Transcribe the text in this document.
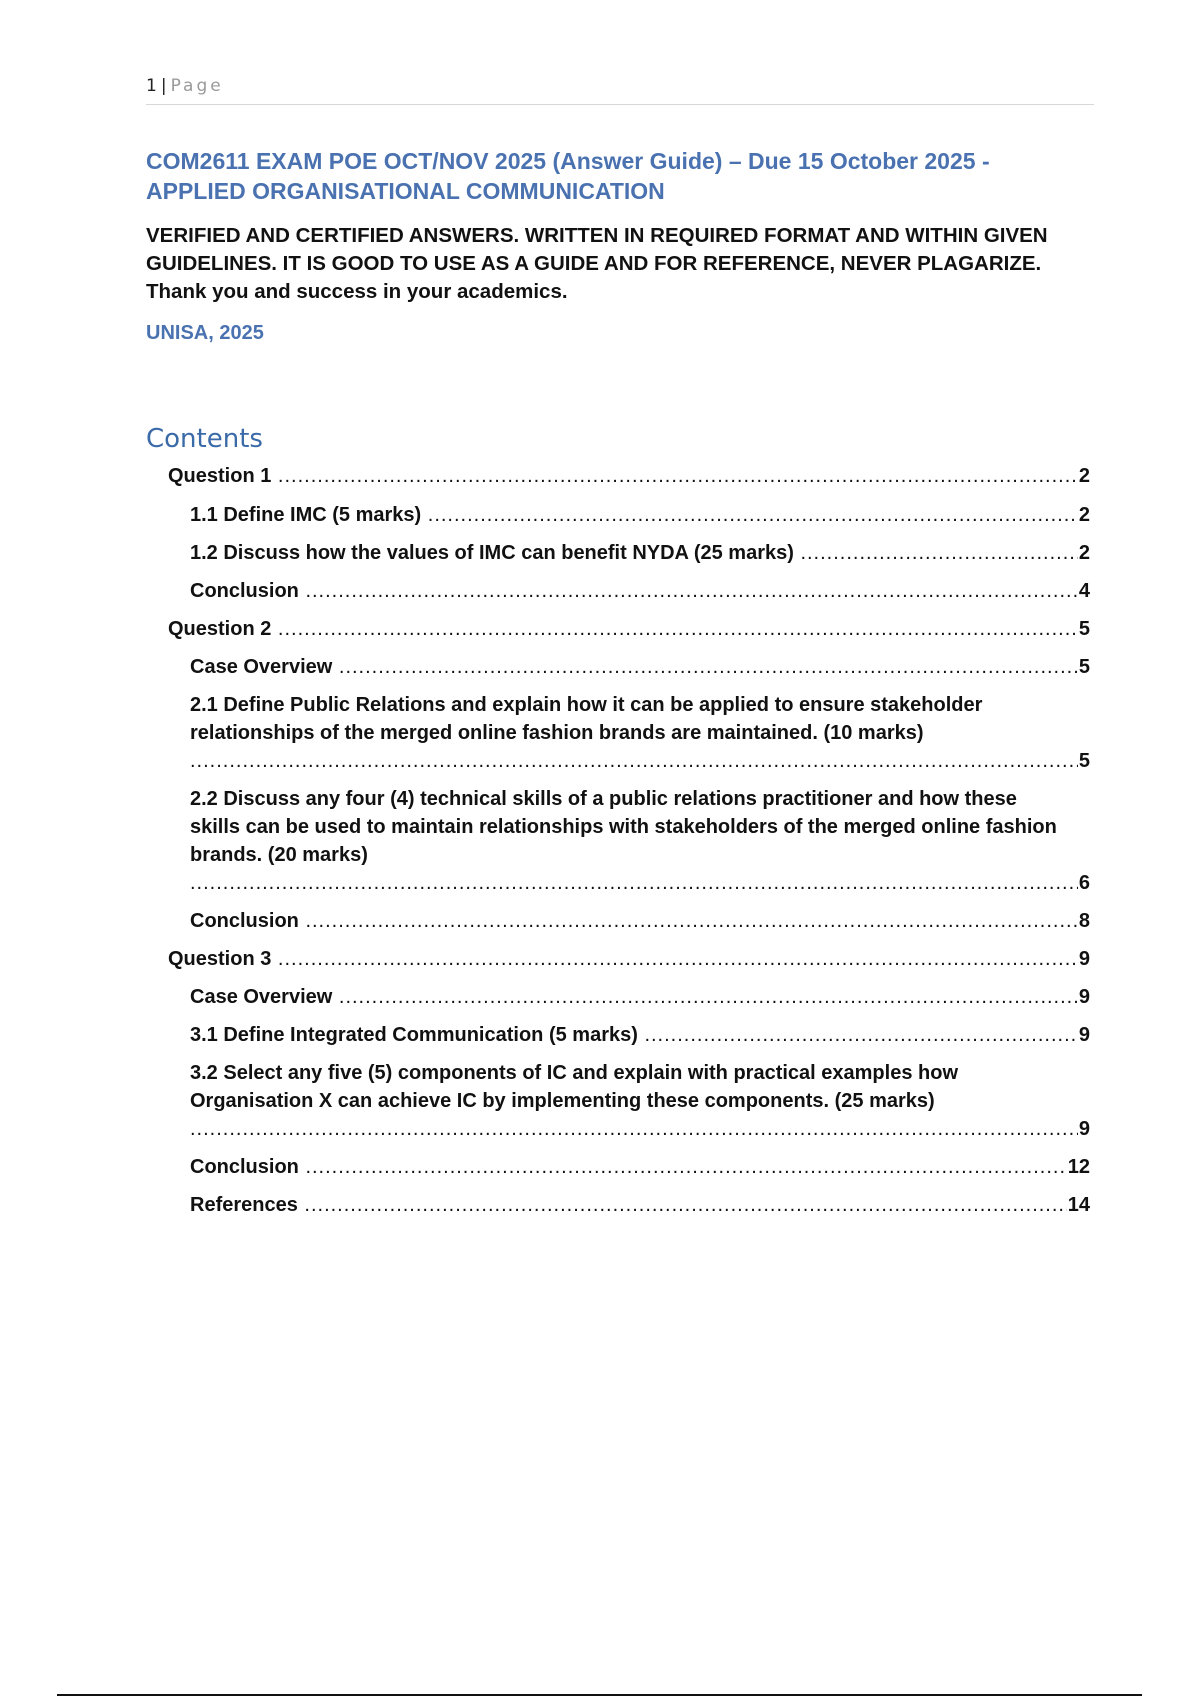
1 | Page
COM2611 EXAM POE OCT/NOV 2025 (Answer Guide) – Due 15 October 2025 - APPLIED ORGANISATIONAL COMMUNICATION

VERIFIED AND CERTIFIED ANSWERS. WRITTEN IN REQUIRED FORMAT AND WITHIN GIVEN GUIDELINES. IT IS GOOD TO USE AS A GUIDE AND FOR REFERENCE, NEVER PLAGARIZE. Thank you and success in your academics.

UNISA, 2025

Contents
Question 1 .....	2
1.1 Define IMC (5 marks) .....	2
1.2 Discuss how the values of IMC can benefit NYDA (25 marks) .....	2
Conclusion .....	4
Question 2 .....	5
Case Overview .....	5
2.1 Define Public Relations and explain how it can be applied to ensure stakeholder relationships of the merged online fashion brands are maintained. (10 marks) .....
5
2.2 Discuss any four (4) technical skills of a public relations practitioner and how these skills can be used to maintain relationships with stakeholders of the merged online fashion brands. (20 marks) .....
6
Conclusion .....	8
Question 3 .....	9
Case Overview .....	9
3.1 Define Integrated Communication (5 marks) .....	9
3.2 Select any five (5) components of IC and explain with practical examples how Organisation X can achieve IC by implementing these components. (25 marks) .....
9
Conclusion .....	12
References .....	14
